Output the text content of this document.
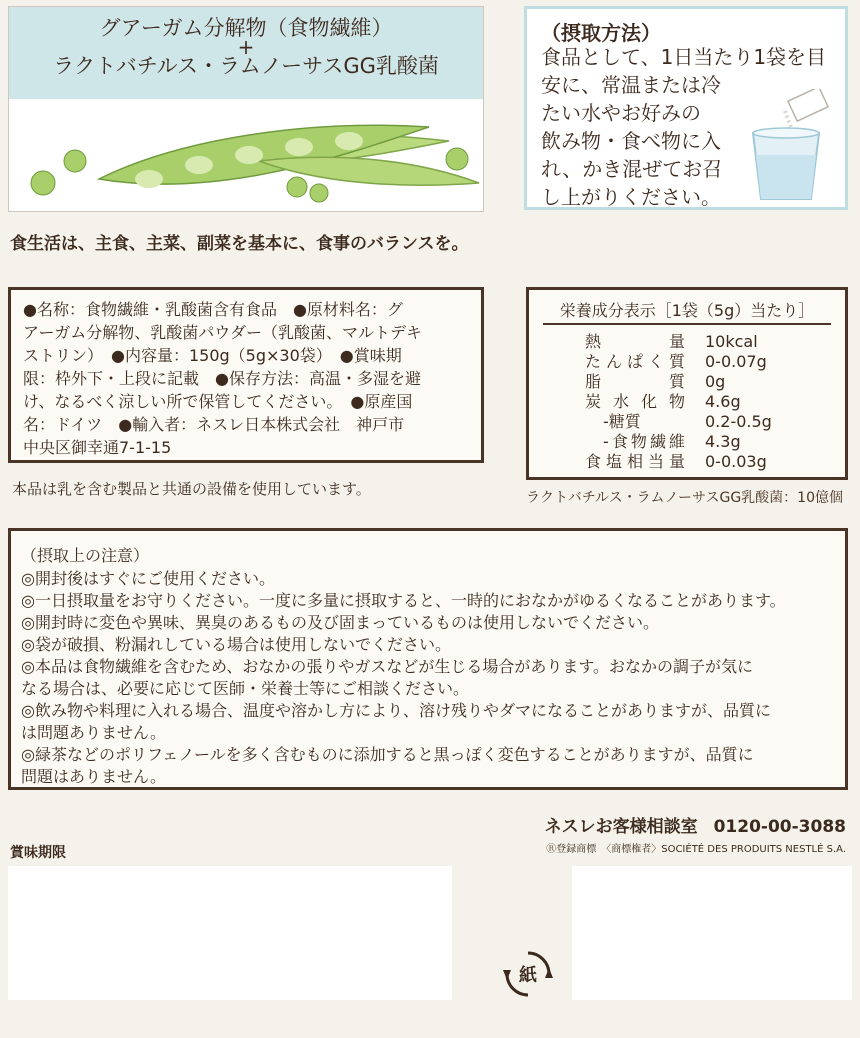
グアーガム分解物（食物繊維）
+
ラクトバチルス・ラムノーサスGG乳酸菌
（摂取方法）
食品として、1日当たり1袋を目
安に、常温または冷
たい水やお好みの
飲み物・食べ物に入
れ、かき混ぜてお召
し上がりください。
食生活は、主食、主菜、副菜を基本に、食事のバランスを。
●名称：食物繊維・乳酸菌含有食品　●原材料名：グ
アーガム分解物、乳酸菌パウダー（乳酸菌、マルトデキ
ストリン）　●内容量：150g（5g×30袋）　●賞味期
限：枠外下・上段に記載　●保存方法：高温・多湿を避
け、なるべく涼しい所で保管してください。　●原産国
名：ドイツ　●輸入者：ネスレ日本株式会社　神戸市
中央区御幸通7-1-15
本品は乳を含む製品と共通の設備を使用しています。
栄養成分表示［1袋（5g）当たり］
熱　　量 10kcal
たんぱく質 0-0.07g
脂　　質 0g
炭水化物 4.6g
-糖質	0.2-0.5g
-食物繊維 4.3g
食塩相当量 0-0.03g
ラクトバチルス・ラムノーサスGG乳酸菌：10億個
（摂取上の注意）
◎開封後はすぐにご使用ください。
◎一日摂取量をお守りください。一度に多量に摂取すると、一時的におなかがゆるくなることがあります。
◎開封時に変色や異味、異臭のあるもの及び固まっているものは使用しないでください。
◎袋が破損、粉漏れしている場合は使用しないでください。
◎本品は食物繊維を含むため、おなかの張りやガスなどが生じる場合があります。おなかの調子が気に
なる場合は、必要に応じて医師・栄養士等にご相談ください。
◎飲み物や料理に入れる場合、温度や溶かし方により、溶け残りやダマになることがありますが、品質に
は問題ありません。
◎緑茶などのポリフェノールを多く含むものに添加すると黒っぽく変色することがありますが、品質に
問題はありません。
ネスレお客様相談室 0120-00-3088
Ⓡ登録商標　〈商標権者〉SOCIÉTÉ DES PRODUITS NESTLÉ S.A.
賞味期限
紙
